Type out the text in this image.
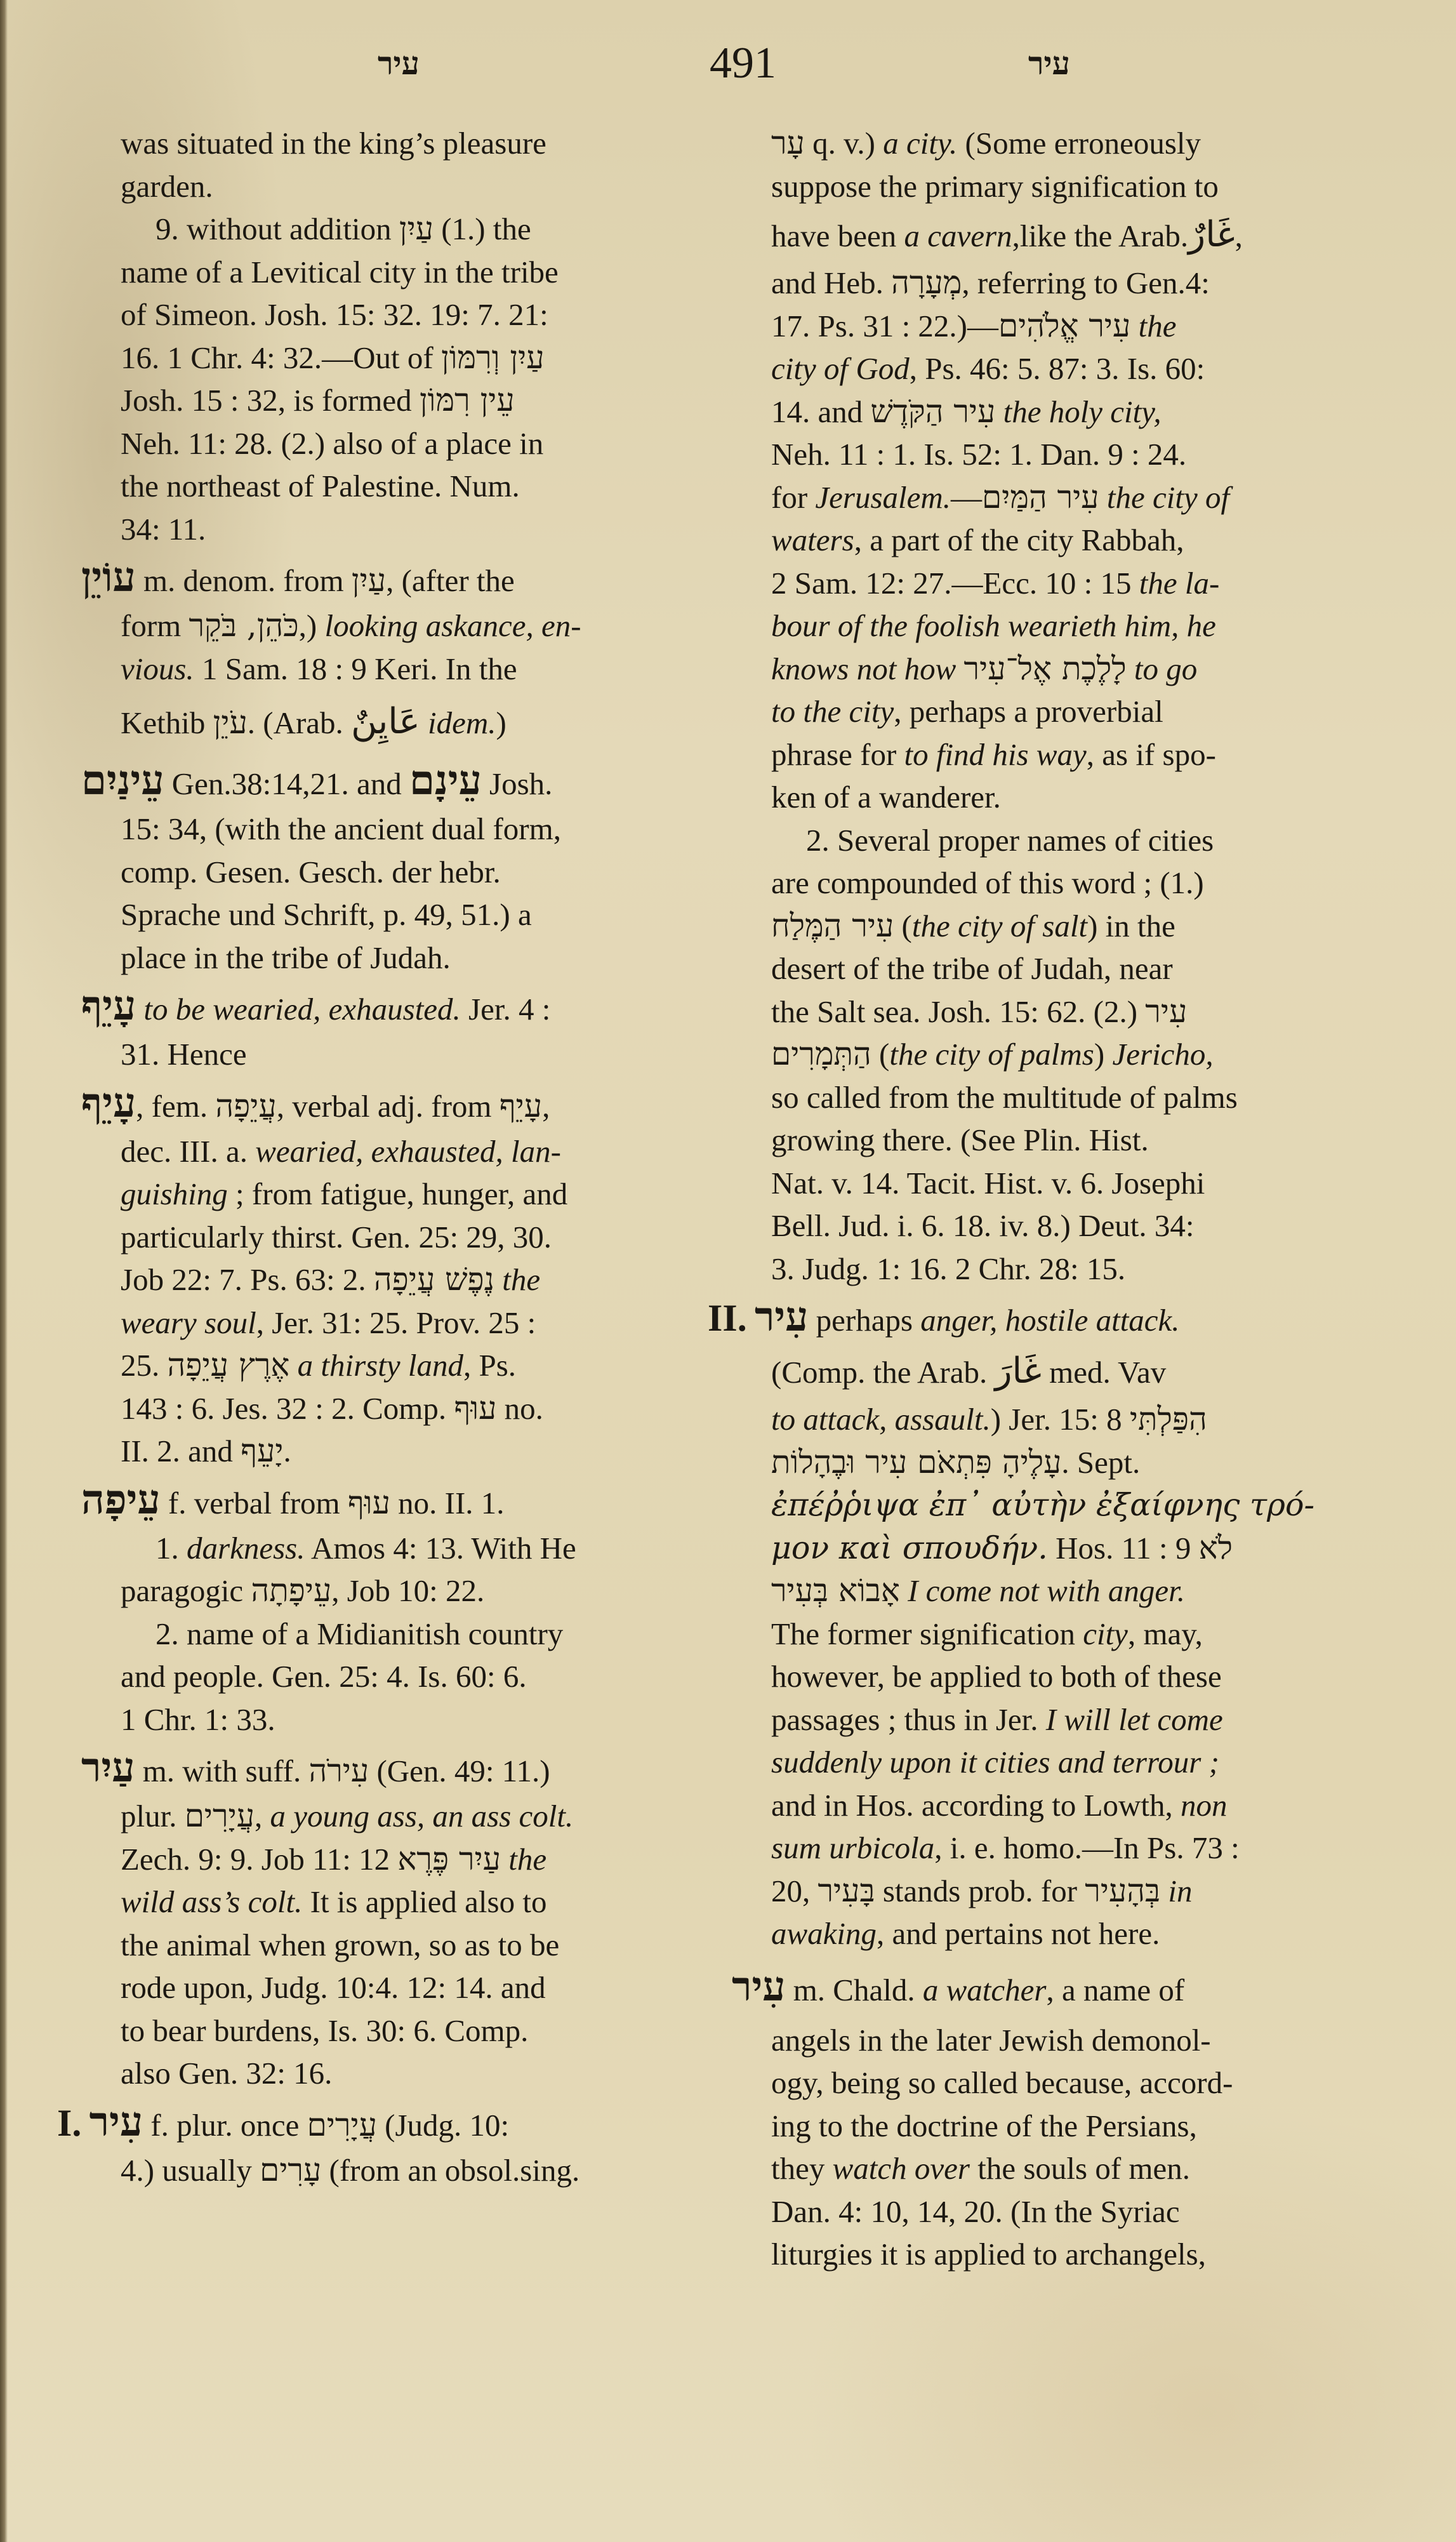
עיר	491	עיר
was situated in the king’s pleasure
garden.
9. without addition עַיִן (1.) the
name of a Levitical city in the tribe
of Simeon. Josh. 15: 32. 19: 7. 21:
16. 1 Chr. 4: 32.—Out of עַיִן וְרִמּוֹן
Josh. 15 : 32, is formed עֵין רִמּוֹן
Neh. 11: 28. (2.) also of a place in
the northeast of Palestine. Num.
34: 11.
עוֹיֵן m. denom. from עַיִן, (after the
form כֹּהֵן, בֹּקֵר,) looking askance, en-
vious. 1 Sam. 18 : 9 Keri. In the
Kethib עֹיֵן. (Arab. عَايِنٌ idem.)
עֵינַיִם Gen.38:14,21. and עֵינָם Josh.
15: 34, (with the ancient dual form,
comp. Gesen. Gesch. der hebr.
Sprache und Schrift, p. 49, 51.) a
place in the tribe of Judah.
עָיֵף to be wearied, exhausted. Jer. 4 :
31. Hence
עָיֵף, fem. עֲיֵפָה, verbal adj. from עָיֵף,
dec. III. a. wearied, exhausted, lan-
guishing ; from fatigue, hunger, and
particularly thirst. Gen. 25: 29, 30.
Job 22: 7. Ps. 63: 2. נֶפֶשׁ עֲיֵפָה the
weary soul, Jer. 31: 25. Prov. 25 :
25. אֶרֶץ עֲיֵפָה a thirsty land, Ps.
143 : 6. Jes. 32 : 2. Comp. עוּף no.
II. 2. and יָעֵף.
עֵיפָה f. verbal from עוּף no. II. 1.
1. darkness. Amos 4: 13. With He
paragogic עֵיפָתָה, Job 10: 22.
2. name of a Midianitish country
and people. Gen. 25: 4. Is. 60: 6.
1 Chr. 1: 33.
עַיִר m. with suff. עִירֹה (Gen. 49: 11.)
plur. עֲיָרִים, a young ass, an ass colt.
Zech. 9: 9. Job 11: 12 עַיִר פֶּרֶא the
wild ass’s colt. It is applied also to
the animal when grown, so as to be
rode upon, Judg. 10:4. 12: 14. and
to bear burdens, Is. 30: 6. Comp.
also Gen. 32: 16.
I. עִיר f. plur. once עֲיָרִים (Judg. 10:
4.) usually עָרִים (from an obsol.sing.
עָר q. v.) a city. (Some erroneously
suppose the primary signification to
have been a cavern,like the Arab.غَارٌ,
and Heb. מְעָרָה, referring to Gen.4:
17. Ps. 31 : 22.)—עִיר אֱלֹהִים the
city of God, Ps. 46: 5. 87: 3. Is. 60:
14. and עִיר הַקֹּדֶשׁ the holy city,
Neh. 11 : 1. Is. 52: 1. Dan. 9 : 24.
for Jerusalem.—עִיר הַמַּיִם the city of
waters, a part of the city Rabbah,
2 Sam. 12: 27.—Ecc. 10 : 15 the la-
bour of the foolish wearieth him, he
knows not how לָלֶכֶת אֶל־עִיר to go
to the city, perhaps a proverbial
phrase for to find his way, as if spo-
ken of a wanderer.
2. Several proper names of cities
are compounded of this word ; (1.)
עִיר הַמֶּלַח (the city of salt) in the
desert of the tribe of Judah, near
the Salt sea. Josh. 15: 62. (2.) עִיר
הַתְּמָרִים (the city of palms) Jericho,
so called from the multitude of palms
growing there. (See Plin. Hist.
Nat. v. 14. Tacit. Hist. v. 6. Josephi
Bell. Jud. i. 6. 18. iv. 8.) Deut. 34:
3. Judg. 1: 16. 2 Chr. 28: 15.
II. עִיר perhaps anger, hostile attack.
(Comp. the Arab. غَارَ med. Vav
to attack, assault.) Jer. 15: 8 הִפַּלְתִּי
עָלֶיהָ פִּתְאֹם עִיר וּבֶהָלוֹת. Sept.
ἐπέῤῥιψα ἐπ᾽ αὐτὴν ἐξαίφνης τρό-
μον καὶ σπουδήν. Hos. 11 : 9 לֹא
אָבוֹא בְּעִיר I come not with anger.
The former signification city, may,
however, be applied to both of these
passages ; thus in Jer. I will let come
suddenly upon it cities and terrour ;
and in Hos. according to Lowth, non
sum urbicola, i. e. homo.—In Ps. 73 :
20, בָּעִיר stands prob. for בְּהָעִיר in
awaking, and pertains not here.
עִיר m. Chald. a watcher, a name of
angels in the later Jewish demonol-
ogy, being so called because, accord-
ing to the doctrine of the Persians,
they watch over the souls of men.
Dan. 4: 10, 14, 20. (In the Syriac
liturgies it is applied to archangels,
